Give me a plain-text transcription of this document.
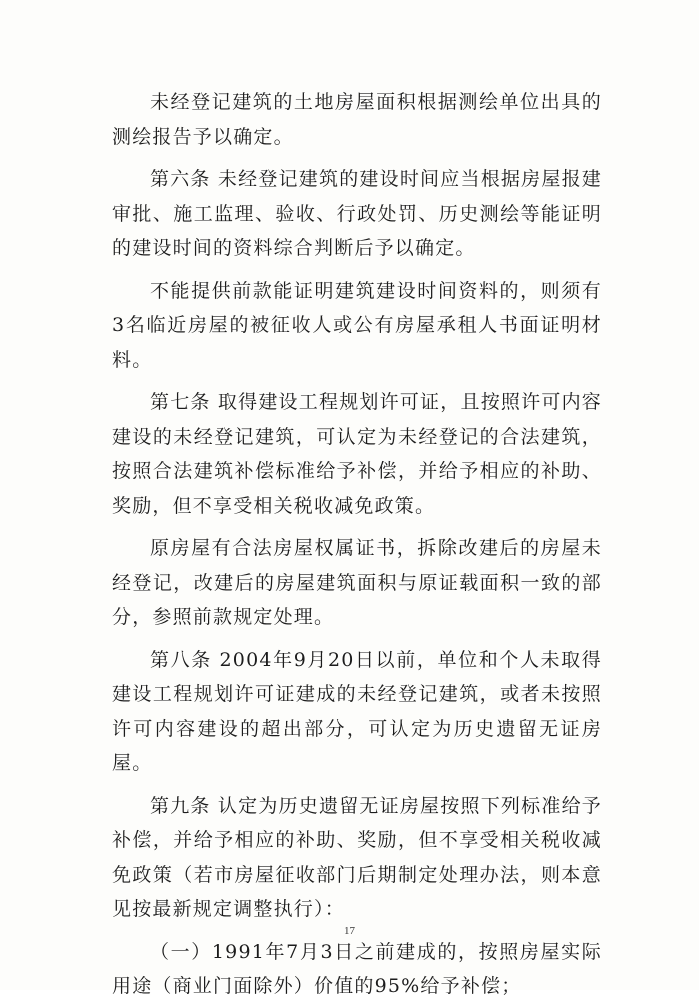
未经登记建筑的土地房屋面积根据测绘单位出具的测绘报告予以确定。

第六条 未经登记建筑的建设时间应当根据房屋报建审批、施工监理、验收、行政处罚、历史测绘等能证明的建设时间的资料综合判断后予以确定。

不能提供前款能证明建筑建设时间资料的，则须有3名临近房屋的被征收人或公有房屋承租人书面证明材料。

第七条 取得建设工程规划许可证，且按照许可内容建设的未经登记建筑，可认定为未经登记的合法建筑，按照合法建筑补偿标准给予补偿，并给予相应的补助、奖励，但不享受相关税收减免政策。

原房屋有合法房屋权属证书，拆除改建后的房屋未经登记，改建后的房屋建筑面积与原证载面积一致的部分，参照前款规定处理。

第八条 2004年9月20日以前，单位和个人未取得建设工程规划许可证建成的未经登记建筑，或者未按照许可内容建设的超出部分，可认定为历史遗留无证房屋。

第九条 认定为历史遗留无证房屋按照下列标准给予补偿，并给予相应的补助、奖励，但不享受相关税收减免政策（若市房屋征收部门后期制定处理办法，则本意见按最新规定调整执行）：

（一）1991年7月3日之前建成的，按照房屋实际用途（商业门面除外）价值的95%给予补偿；

17
